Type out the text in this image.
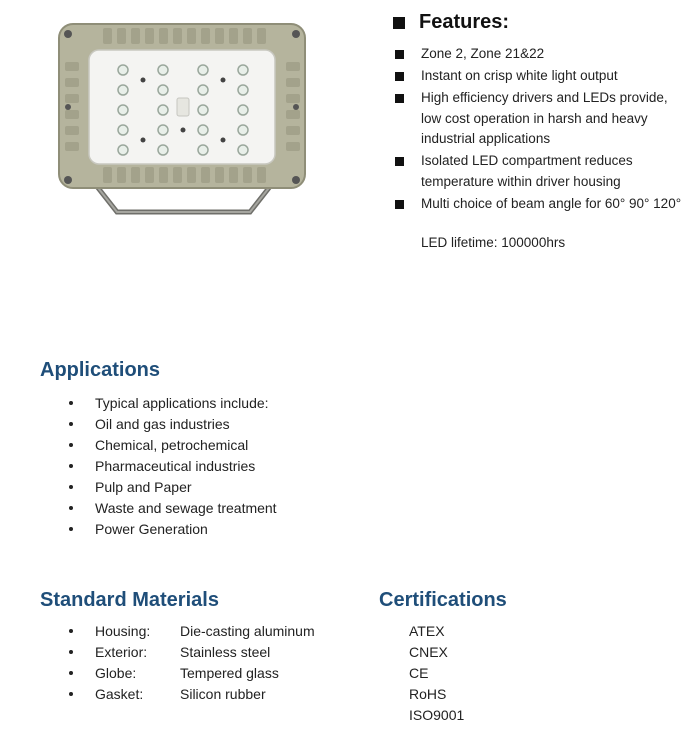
Features:
Zone 2, Zone 21&22
Instant on crisp white light output
High efficiency drivers and LEDs provide, low cost operation in harsh and heavy industrial applications
Isolated LED compartment reduces temperature within driver housing
Multi choice of beam angle for 60° 90° 120°
LED lifetime: 100000hrs
Applications
Typical applications include:
Oil and gas industries
Chemical, petrochemical
Pharmaceutical industries
Pulp and Paper
Waste and sewage treatment
Power Generation
Standard Materials
Housing: Die-casting aluminum
Exterior: Stainless steel
Globe:	Tempered glass
Gasket:	Silicon rubber
Certifications
ATEX
CNEX
CE
RoHS
ISO9001
